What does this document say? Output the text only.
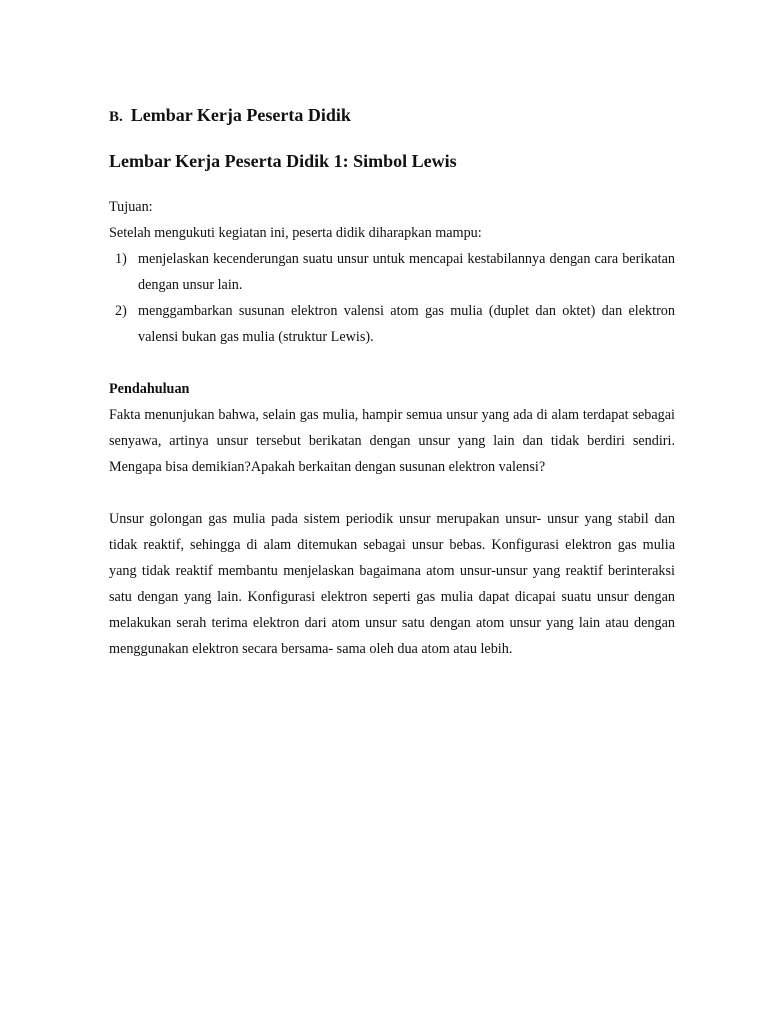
B. Lembar Kerja Peserta Didik
Lembar Kerja Peserta Didik 1: Simbol Lewis

Tujuan:

Setelah mengukuti kegiatan ini, peserta didik diharapkan mampu:

1) menjelaskan kecenderungan suatu unsur untuk mencapai kestabilannya dengan cara berikatan dengan unsur lain.
2) menggambarkan susunan elektron valensi atom gas mulia (duplet dan oktet) dan elektron valensi bukan gas mulia (struktur Lewis).

Pendahuluan

Fakta menunjukan bahwa, selain gas mulia, hampir semua unsur yang ada di alam terdapat sebagai senyawa, artinya unsur tersebut berikatan dengan unsur yang lain dan tidak berdiri sendiri. Mengapa bisa demikian?Apakah berkaitan dengan susunan elektron valensi?

Unsur golongan gas mulia pada sistem periodik unsur merupakan unsur- unsur yang stabil dan tidak reaktif, sehingga di alam ditemukan sebagai unsur bebas. Konfigurasi elektron gas mulia yang tidak reaktif membantu menjelaskan bagaimana atom unsur-unsur yang reaktif berinteraksi satu dengan yang lain. Konfigurasi elektron seperti gas mulia dapat dicapai suatu unsur dengan melakukan serah terima elektron dari atom unsur satu dengan atom unsur yang lain atau dengan menggunakan elektron secara bersama- sama oleh dua atom atau lebih.
